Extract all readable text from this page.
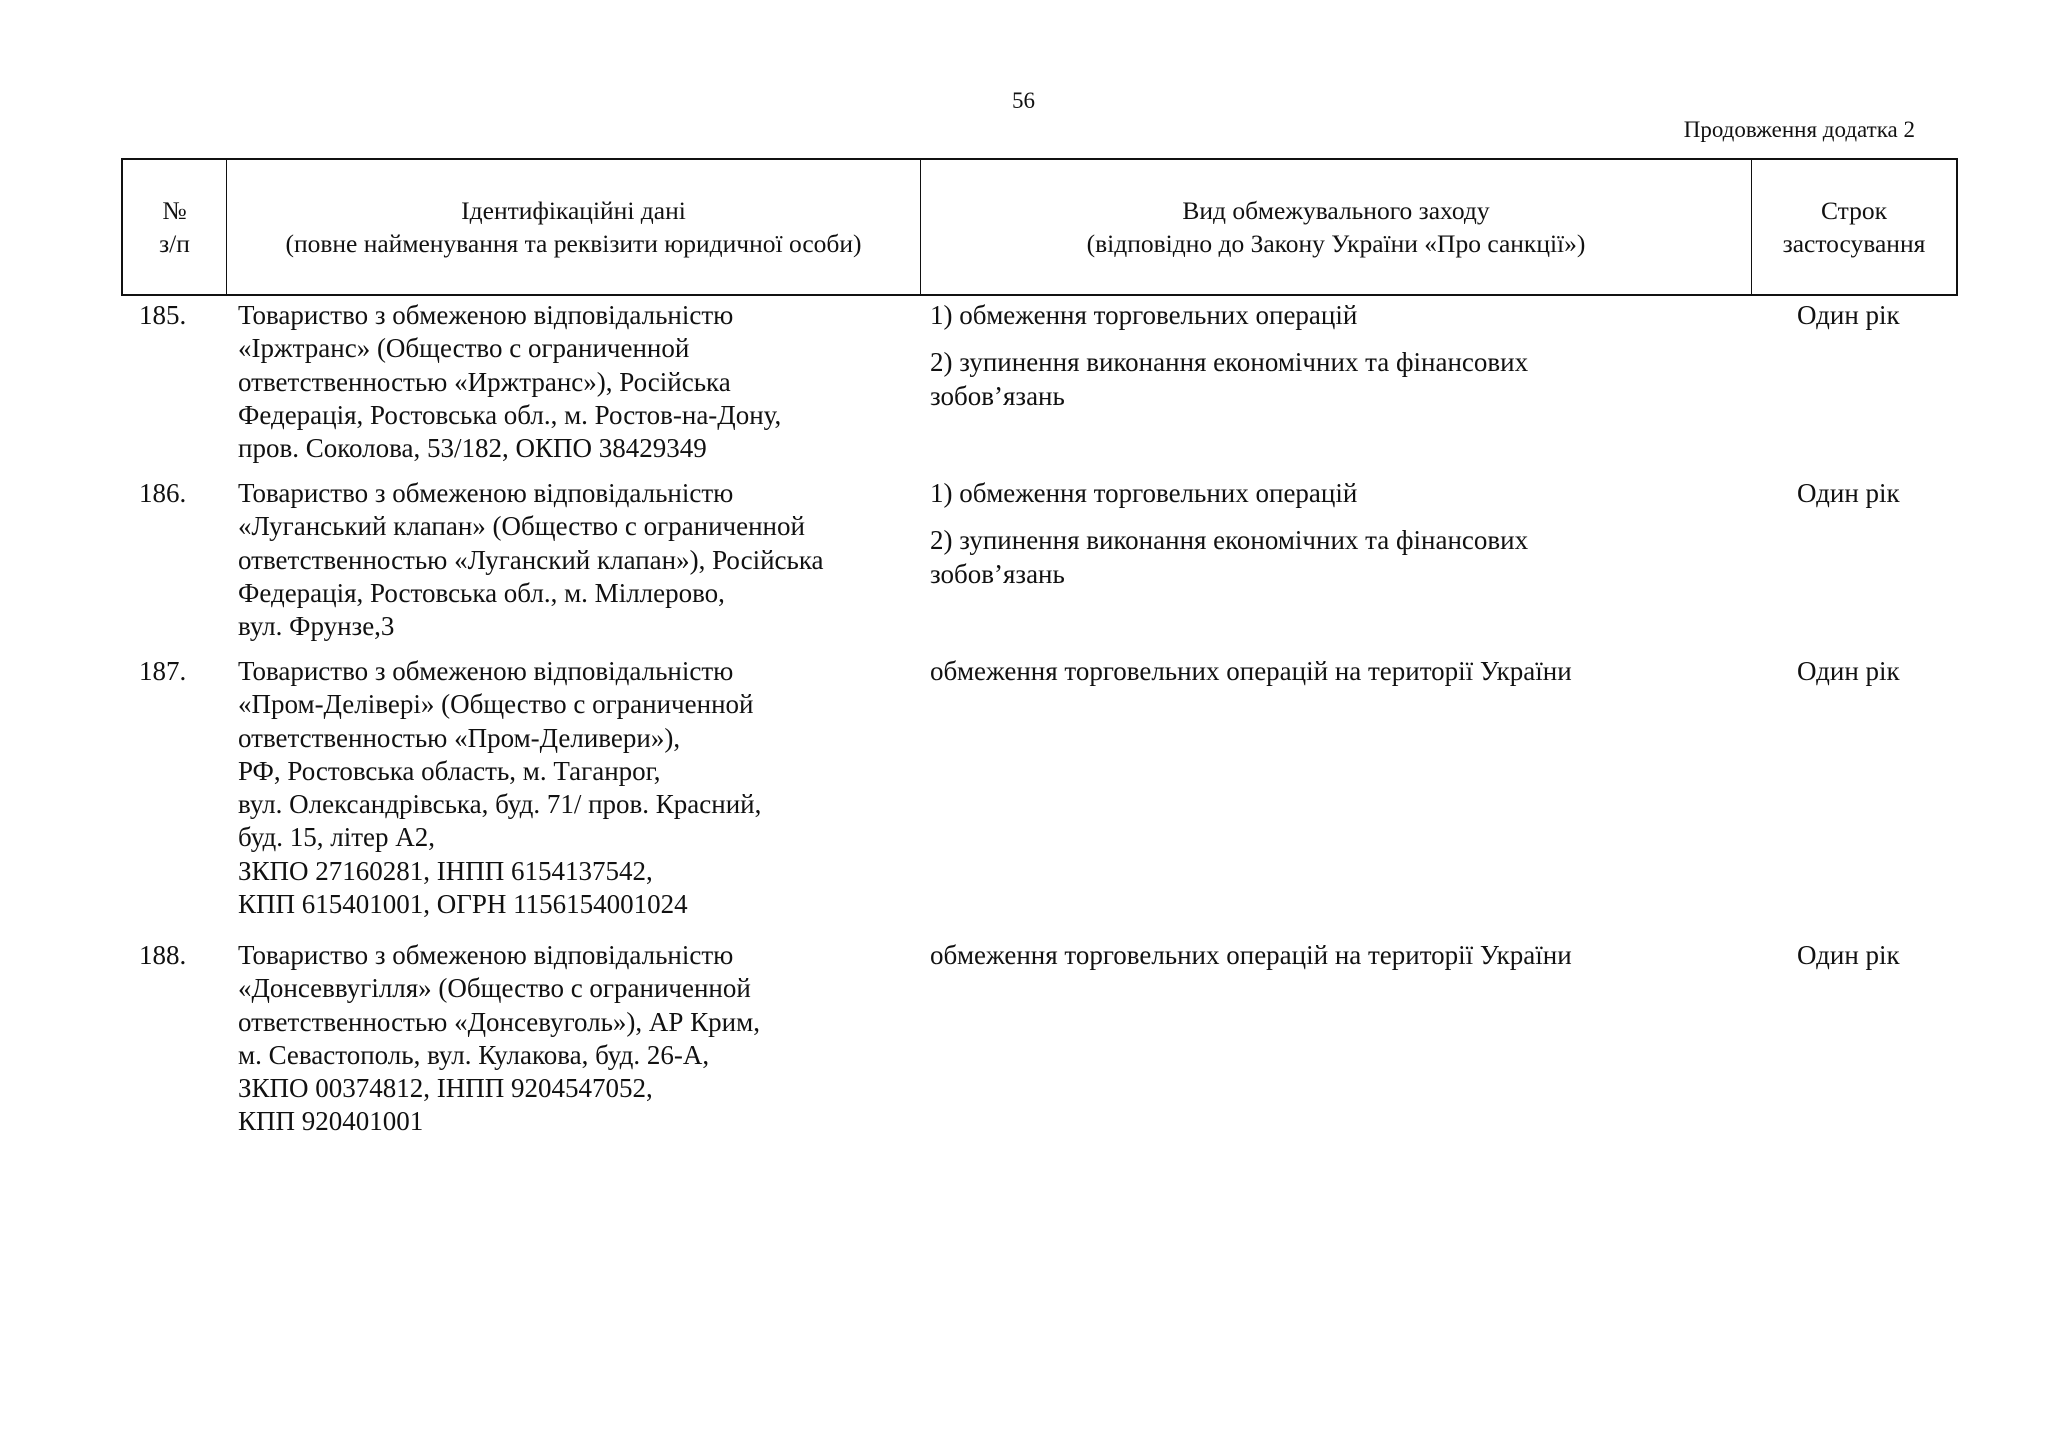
56
Продовження додатка 2
№
з/п
Ідентифікаційні дані
(повне найменування та реквізити юридичної особи)
Вид обмежувального заходу
(відповідно до Закону України «Про санкції»)
Строк
застосування
185. Товариство з обмеженою відповідальністю
«Іржтранс» (Общество с ограниченной
ответственностью «Иржтранс»), Російська
Федерація, Ростовська обл., м. Ростов-на-Дону,
пров. Соколова, 53/182, ОКПО 38429349
1) обмеження торговельних операцій
2) зупинення виконання економічних та фінансових
зобов’язань
Один рік
186. Товариство з обмеженою відповідальністю
«Луганський клапан» (Общество с ограниченной
ответственностью «Луганский клапан»), Російська
Федерація, Ростовська обл., м. Міллерово,
вул. Фрунзе,3
1) обмеження торговельних операцій
2) зупинення виконання економічних та фінансових
зобов’язань
Один рік
187. Товариство з обмеженою відповідальністю
«Пром-Делівері» (Общество с ограниченной
ответственностью «Пром-Деливери»),
РФ, Ростовська область, м. Таганрог,
вул. Олександрівська, буд. 71/ пров. Красний,
буд. 15, літер А2,
ЗКПО 27160281, ІНПП 6154137542,
КПП 615401001, ОГРН 1156154001024
обмеження торговельних операцій на території України	Один рік
188. Товариство з обмеженою відповідальністю
«Донсеввугілля» (Общество с ограниченной
ответственностью «Донсевуголь»), АР Крим,
м. Севастополь, вул. Кулакова, буд. 26-А,
ЗКПО 00374812, ІНПП 9204547052,
КПП 920401001
обмеження торговельних операцій на території України	Один рік
